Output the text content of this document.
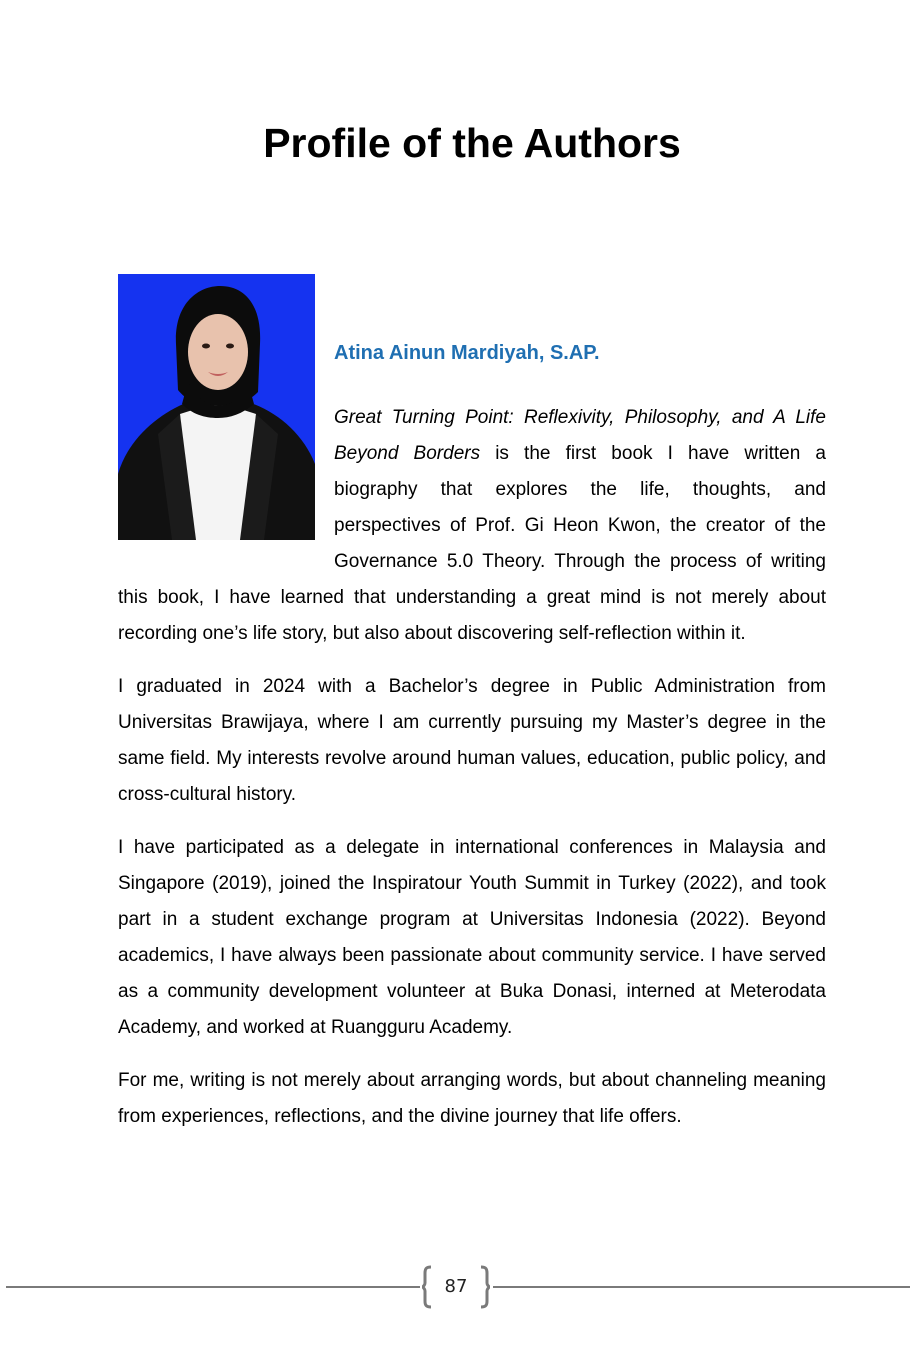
Profile of the Authors
Atina Ainun Mardiyah, S.AP.

Great Turning Point: Reflexivity, Philosophy, and A Life Beyond Borders is the first book I have written a biography that explores the life, thoughts, and perspectives of Prof. Gi Heon Kwon, the creator of the Governance 5.0 Theory. Through the process of writing this book, I have learned that understanding a great mind is not merely about recording one’s life story, but also about discovering self-reflection within it.

I graduated in 2024 with a Bachelor’s degree in Public Administration from Universitas Brawijaya, where I am currently pursuing my Master’s degree in the same field. My interests revolve around human values, education, public policy, and cross-cultural history.

I have participated as a delegate in international conferences in Malaysia and Singapore (2019), joined the Inspiratour Youth Summit in Turkey (2022), and took part in a student exchange program at Universitas Indonesia (2022). Beyond academics, I have always been passionate about community service. I have served as a community development volunteer at Buka Donasi, interned at Meterodata Academy, and worked at Ruangguru Academy.

For me, writing is not merely about arranging words, but about channeling meaning from experiences, reflections, and the divine journey that life offers.

87
